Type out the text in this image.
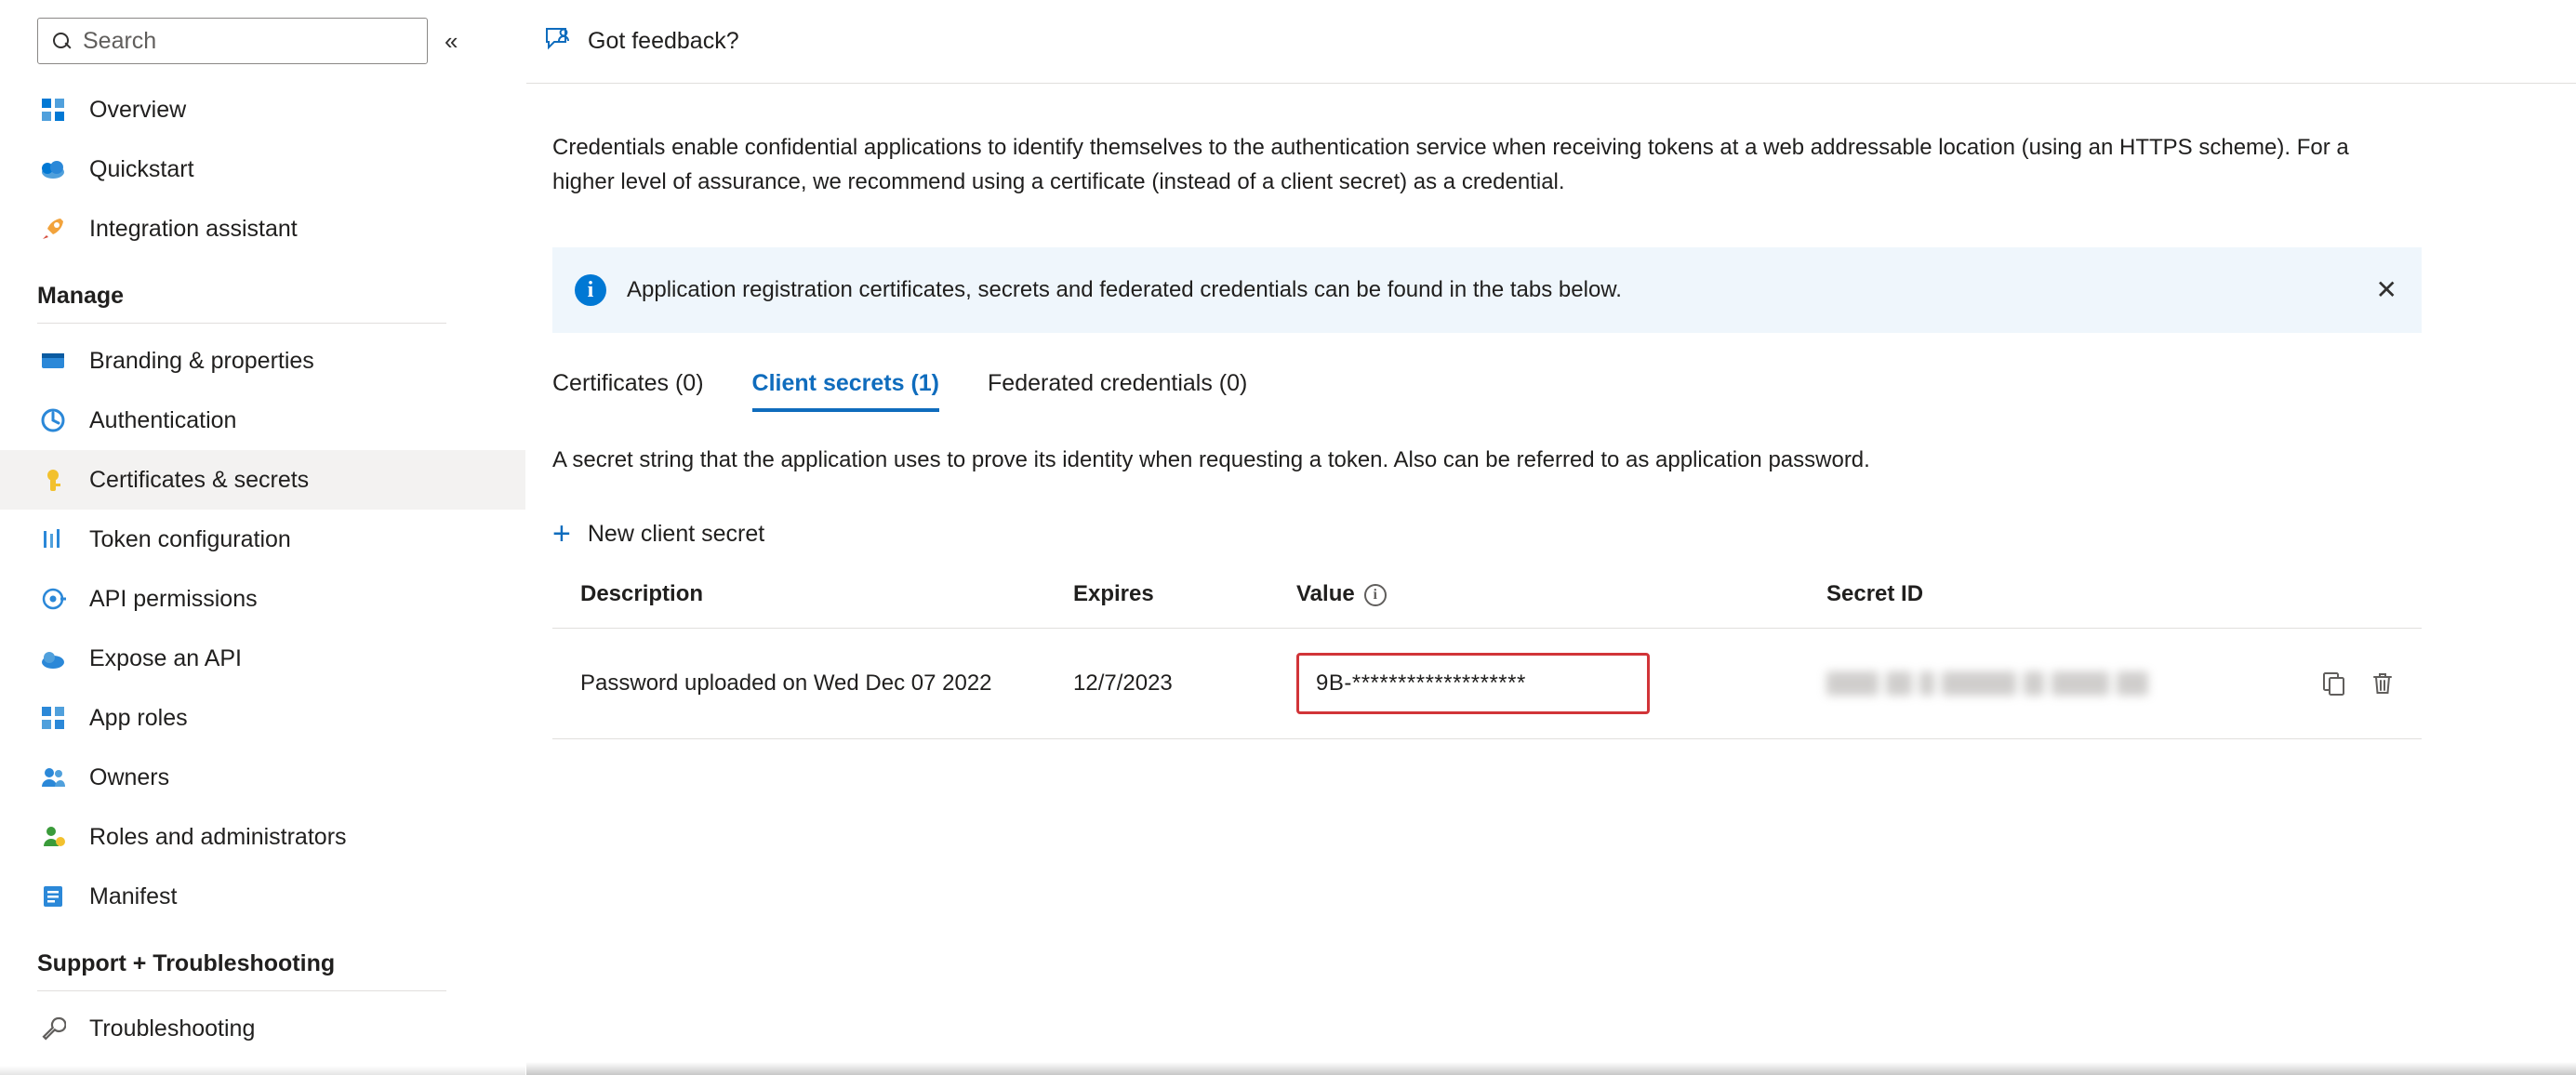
Search	«
Overview
Quickstart
Integration assistant
Manage
Branding & properties
Authentication
Certificates & secrets
Token configuration
API permissions
Expose an API
App roles
Owners
Roles and administrators
Manifest
Support + Troubleshooting
Troubleshooting
Got feedback?
Credentials enable confidential applications to identify themselves to the authentication service when receiving tokens at a web addressable location (using an HTTPS scheme). For a higher level of assurance, we recommend using a certificate (instead of a client secret) as a credential.
i	Application registration certificates, secrets and federated credentials can be found in the tabs below.	✕
Certificates (0)	Client secrets (1)	Federated credentials (0)
A secret string that the application uses to prove its identity when requesting a token. Also can be referred to as application password.
+ New client secret
Description	Expires	Value i	Secret ID	
Password uploaded on Wed Dec 07 2022	12/7/2023	9B-*******************
